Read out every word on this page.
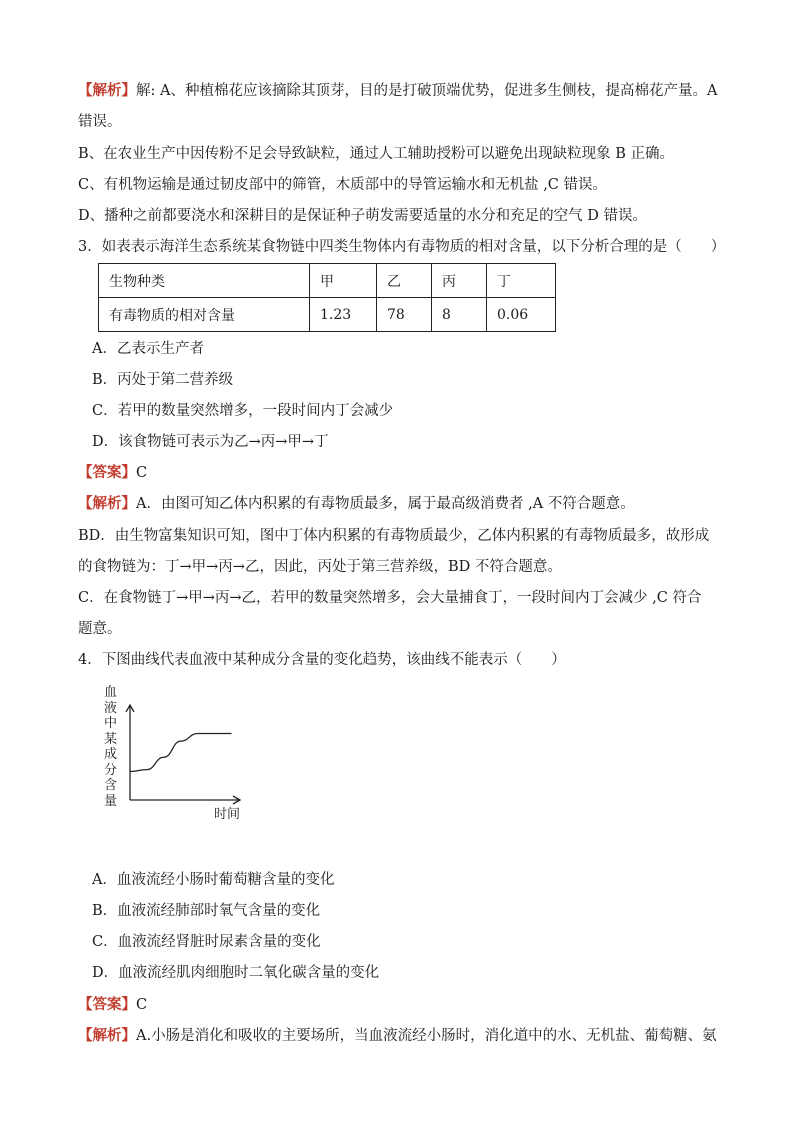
【解析】解: A、种植棉花应该摘除其顶芽，目的是打破顶端优势，促进多生侧枝，提高棉花产量。A
错误。
B、在农业生产中因传粉不足会导致缺粒，通过人工辅助授粉可以避免出现缺粒现象 B 正确。
C、有机物运输是通过韧皮部中的筛管，木质部中的导管运输水和无机盐 ,C 错误。
D、播种之前都要浇水和深耕目的是保证种子萌发需要适量的水分和充足的空气 D 错误。
3．如表表示海洋生态系统某食物链中四类生物体内有毒物质的相对含量，以下分析合理的是（　　）
生物种类	甲	乙	丙	丁
有毒物质的相对含量	1.23	78	8	0.06
A．乙表示生产者
B．丙处于第二营养级
C．若甲的数量突然增多，一段时间内丁会减少
D．该食物链可表示为乙→丙→甲→丁
【答案】C
【解析】A．由图可知乙体内积累的有毒物质最多，属于最高级消费者 ,A 不符合题意。
BD．由生物富集知识可知，图中丁体内积累的有毒物质最少，乙体内积累的有毒物质最多，故形成
的食物链为：丁→甲→丙→乙，因此，丙处于第三营养级，BD 不符合题意。
C．在食物链丁→甲→丙→乙，若甲的数量突然增多，会大量捕食丁，一段时间内丁会减少 ,C 符合
题意。
4．下图曲线代表血液中某种成分含量的变化趋势，该曲线不能表示（　　）
血
液
中
某
成
分
含
量
时间
A．血液流经小肠时葡萄糖含量的变化
B．血液流经肺部时氧气含量的变化
C．血液流经肾脏时尿素含量的变化
D．血液流经肌肉细胞时二氧化碳含量的变化
【答案】C
【解析】A.小肠是消化和吸收的主要场所，当血液流经小肠时，消化道中的水、无机盐、葡萄糖、氨
